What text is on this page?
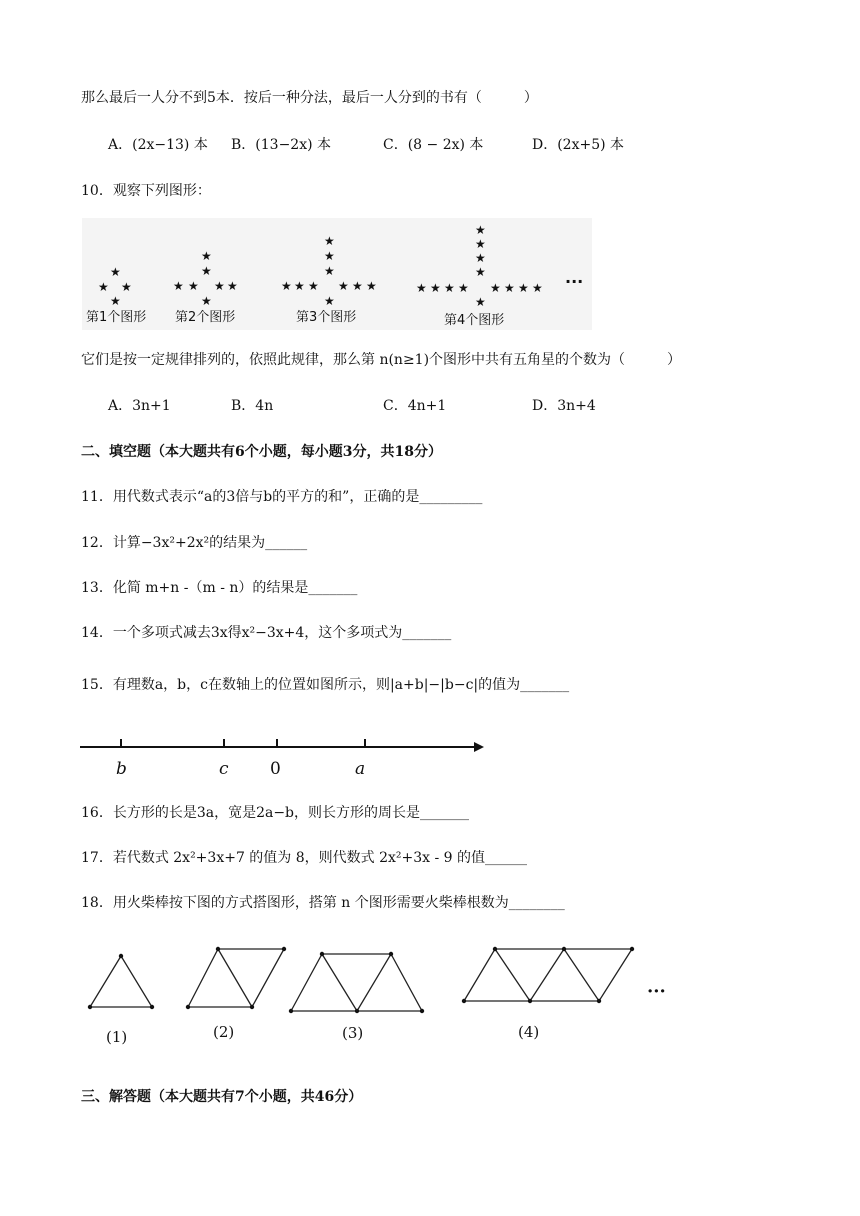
那么最后一人分不到5本．按后一种分法，最后一人分到的书有（　　　）
A．(2x−13) 本 B．(13−2x) 本	C．(8 − 2x) 本	D．(2x+5) 本
10．观察下列图形：
★
★ ★
★
★
★
★ ★ ★ ★
★
★
★
★
★ ★ ★ ★ ★ ★
★
★
★
★
★
★ ★ ★ ★ ★ ★ ★ ★
★
第1个图形 第2个图形	第3个图形	第4个图形
···
它们是按一定规律排列的，依照此规律，那么第 n(n≥1)个图形中共有五角星的个数为（　　　）
A．3n+1	B．4n	C．4n+1	D．3n+4
二、填空题（本大题共有6个小题，每小题3分，共18分）
11．用代数式表示“a的3倍与b的平方的和”，正确的是_________
12．计算−3x²+2x²的结果为______
13．化简 m+n -（m - n）的结果是_______
14．一个多项式减去3x得x²−3x+4，这个多项式为_______
15．有理数a，b，c在数轴上的位置如图所示，则|a+b|−|b−c|的值为_______
b	c 0	a
16．长方形的长是3a，宽是2a−b，则长方形的周长是_______
17．若代数式 2x²+3x+7 的值为 8，则代数式 2x²+3x - 9 的值______
18．用火柴棒按下图的方式搭图形，搭第 n 个图形需要火柴棒根数为________
(1)	(2)	(3)	(4)
···
三、解答题（本大题共有7个小题，共46分）
